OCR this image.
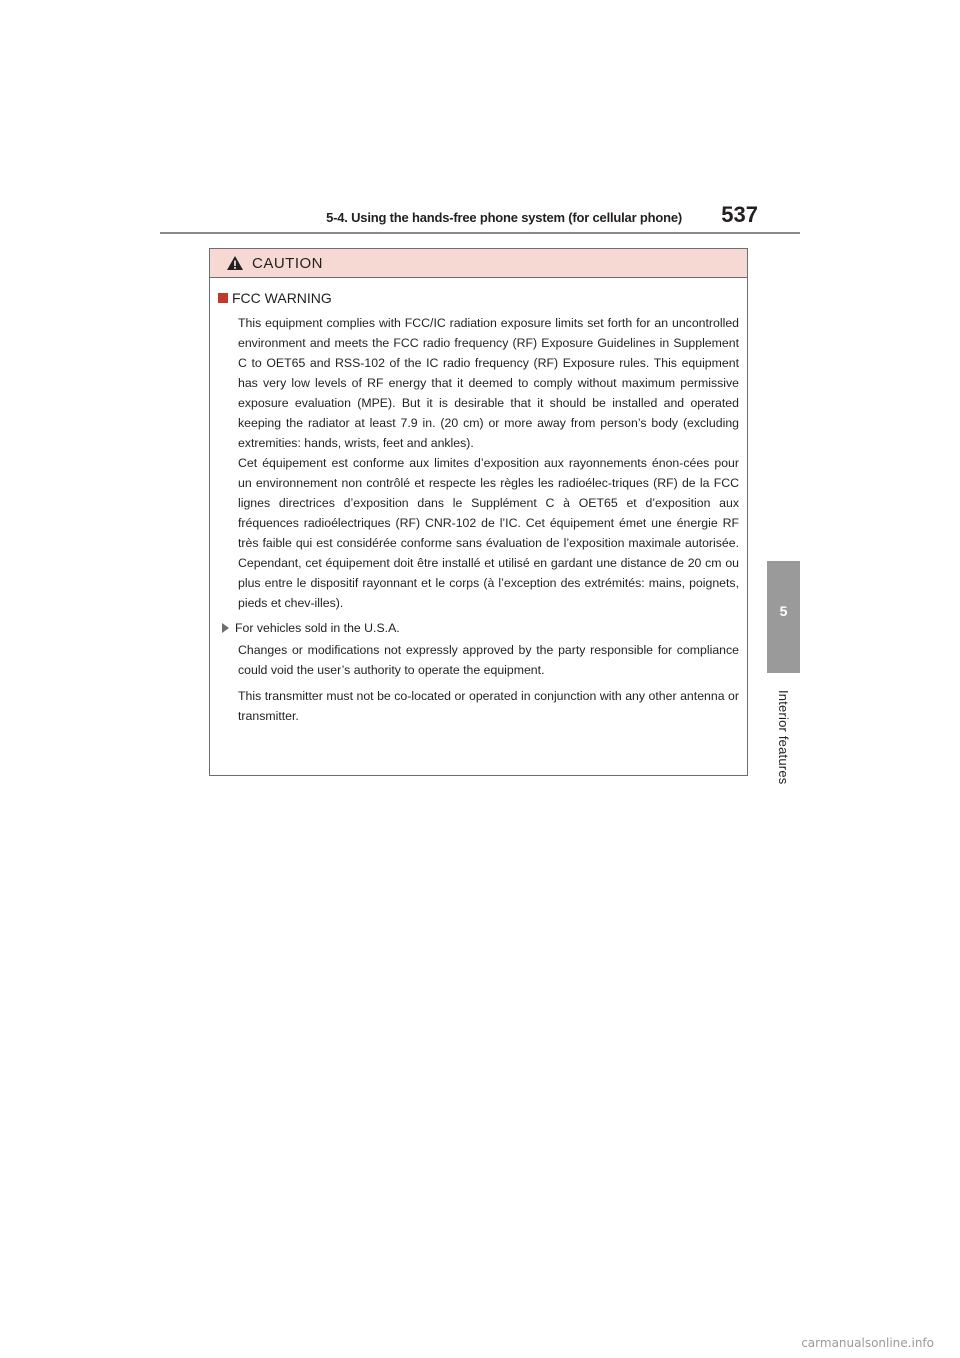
5-4. Using the hands-free phone system (for cellular phone) 537
5
Interior features
CAUTION
FCC WARNING

This equipment complies with FCC/IC radiation exposure limits set forth for an uncontrolled environment and meets the FCC radio frequency (RF) Exposure Guidelines in Supplement C to OET65 and RSS-102 of the IC radio frequency (RF) Exposure rules. This equipment has very low levels of RF energy that it deemed to comply without maximum permissive exposure evaluation (MPE). But it is desirable that it should be installed and operated keeping the radiator at least 7.9 in. (20 cm) or more away from person’s body (excluding extremities: hands, wrists, feet and ankles).

Cet équipement est conforme aux limites d’exposition aux rayonnements énon-cées pour un environnement non contrôlé et respecte les règles les radioélec-triques (RF) de la FCC lignes directrices d’exposition dans le Supplément C à OET65 et d’exposition aux fréquences radioélectriques (RF) CNR-102 de l’IC. Cet équipement émet une énergie RF très faible qui est considérée conforme sans évaluation de l’exposition maximale autorisée. Cependant, cet équipement doit être installé et utilisé en gardant une distance de 20 cm ou plus entre le dispositif rayonnant et le corps (à l’exception des extrémités: mains, poignets, pieds et chev-illes).

For vehicles sold in the U.S.A.

Changes or modifications not expressly approved by the party responsible for compliance could void the user’s authority to operate the equipment.

This transmitter must not be co-located or operated in conjunction with any other antenna or transmitter.

carmanualsonline.info
